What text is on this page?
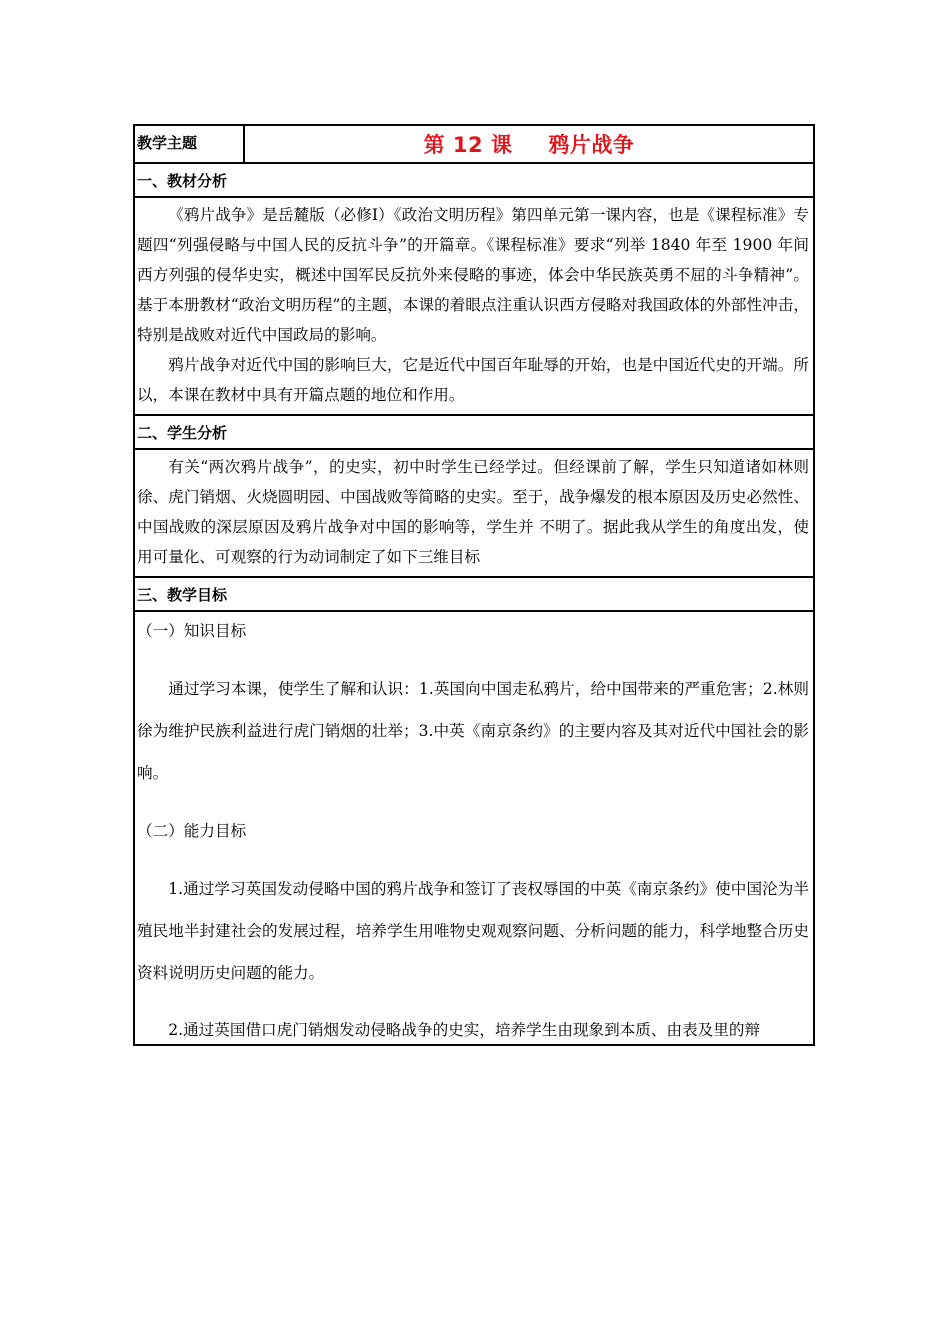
教学主题	第 12 课 鸦片战争
一、教材分析

《鸦片战争》是岳麓版（必修Ⅰ）《政治文明历程》第四单元第一课内容，也是《课程标准》专题四“列强侵略与中国人民的反抗斗争”的开篇章。《课程标准》要求“列举 1840 年至 1900 年间西方列强的侵华史实，概述中国军民反抗外来侵略的事迹，体会中华民族英勇不屈的斗争精神”。基于本册教材“政治文明历程”的主题，本课的着眼点注重认识西方侵略对我国政体的外部性冲击，特别是战败对近代中国政局的影响。

鸦片战争对近代中国的影响巨大，它是近代中国百年耻辱的开始，也是中国近代史的开端。所以，本课在教材中具有开篇点题的地位和作用。

二、学生分析

有关“两次鸦片战争”，的史实，初中时学生已经学过。但经课前了解，学生只知道诸如林则徐、虎门销烟、火烧圆明园、中国战败等简略的史实。至于，战争爆发的根本原因及历史必然性、中国战败的深层原因及鸦片战争对中国的影响等，学生并 不明了。据此我从学生的角度出发，使用可量化、可观察的行为动词制定了如下三维目标

三、教学目标

（一）知识目标

通过学习本课，使学生了解和认识：1.英国向中国走私鸦片，给中国带来的严重危害；2.林则徐为维护民族利益进行虎门销烟的壮举；3.中英《南京条约》的主要内容及其对近代中国社会的影响。

（二）能力目标

1.通过学习英国发动侵略中国的鸦片战争和签订了丧权辱国的中英《南京条约》使中国沦为半殖民地半封建社会的发展过程，培养学生用唯物史观观察问题、分析问题的能力，科学地整合历史资料说明历史问题的能力。

2.通过英国借口虎门销烟发动侵略战争的史实，培养学生由现象到本质、由表及里的辩
